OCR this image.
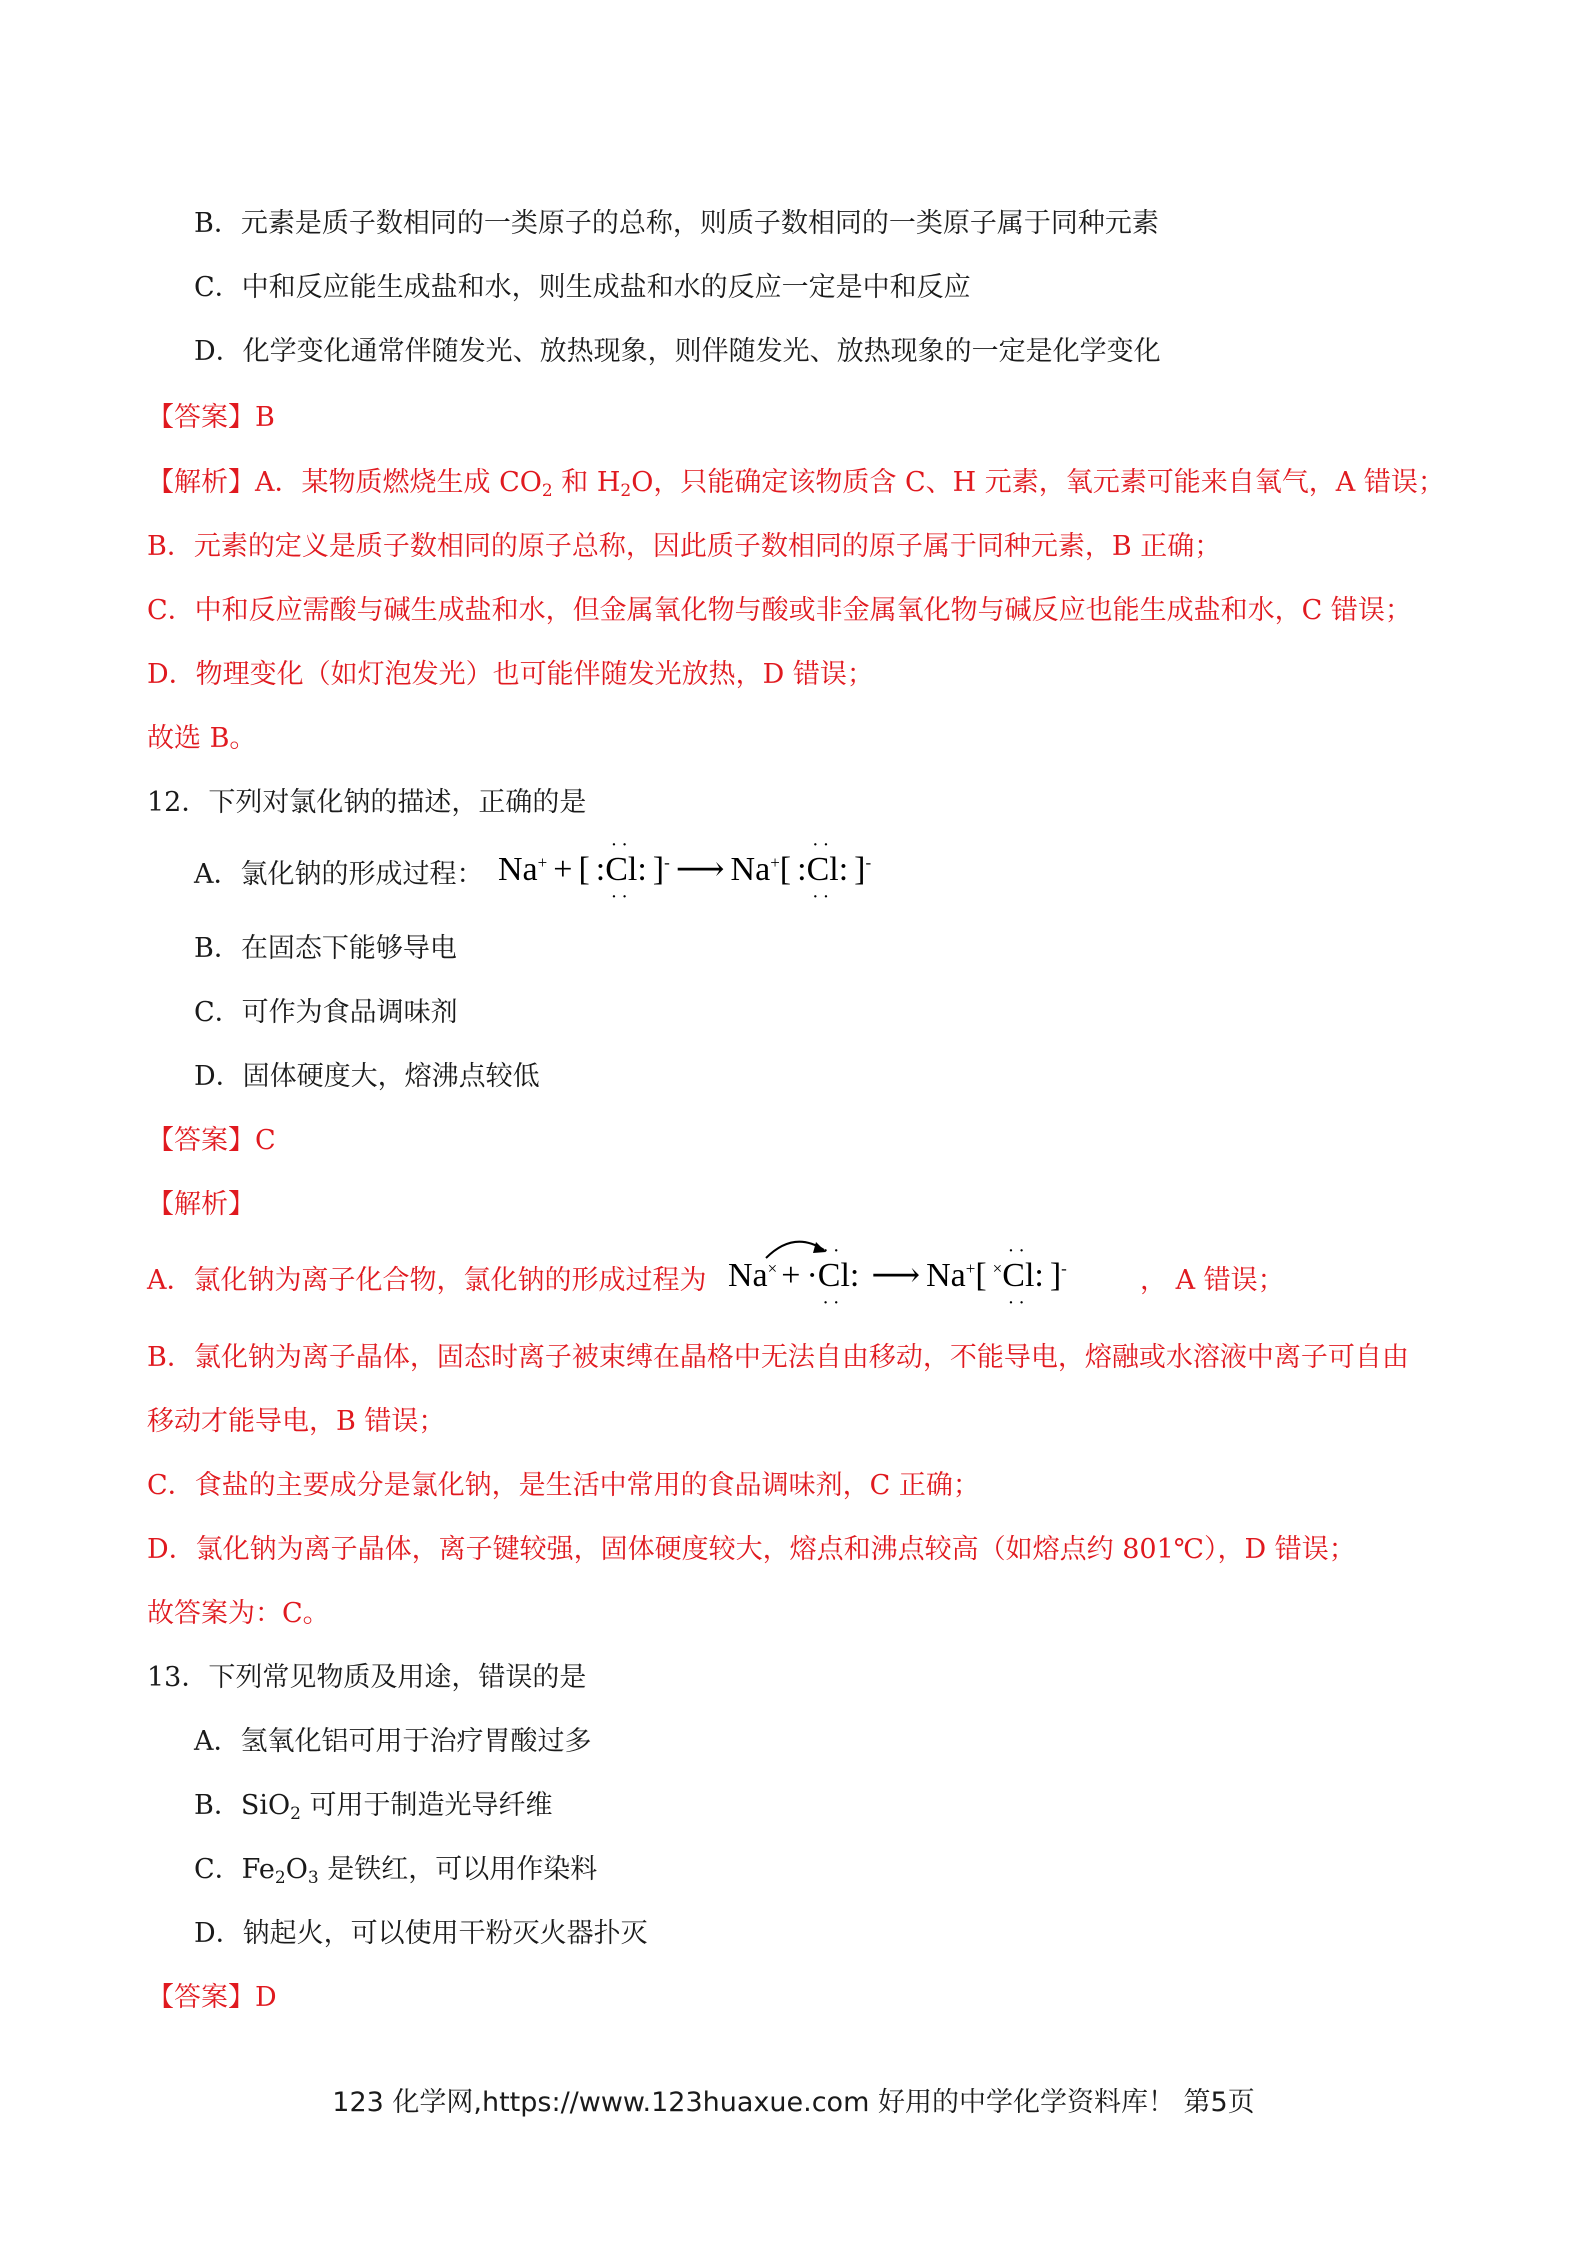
B．元素是质子数相同的一类原子的总称，则质子数相同的一类原子属于同种元素
C．中和反应能生成盐和水，则生成盐和水的反应一定是中和反应
D．化学变化通常伴随发光、放热现象，则伴随发光、放热现象的一定是化学变化
【答案】B
【解析】A．某物质燃烧生成 $CO_2$ 和 $H_2O$，只能确定该物质含 C、H 元素，氧元素可能来自氧气，A 错误；
B．元素的定义是质子数相同的原子总称，因此质子数相同的原子属于同种元素，B 正确；
C．中和反应需酸与碱生成盐和水，但金属氧化物与酸或非金属氧化物与碱反应也能生成盐和水，C 错误；
D．物理变化（如灯泡发光）也可能伴随发光放热，D 错误；
故选 B。
12．下列对氯化钠的描述，正确的是
A．氯化钠的形成过程： Na+ + [
··
:Cl:
··
]- ⟶ Na+[
··
:Cl:
··
]-
B．在固态下能够导电
C．可作为食品调味剂
D．固体硬度大，熔沸点较低
【答案】C
【解析】
A．氯化钠为离子化合物，氯化钠的形成过程为 Na× +
··
·Cl:
··
⟶ Na+[
··
×Cl:
··
]-	， A 错误；
B．氯化钠为离子晶体，固态时离子被束缚在晶格中无法自由移动，不能导电，熔融或水溶液中离子可自由
移动才能导电，B 错误；
C．食盐的主要成分是氯化钠，是生活中常用的食品调味剂，C 正确；
D．氯化钠为离子晶体，离子键较强，固体硬度较大，熔点和沸点较高（如熔点约 801℃），D 错误；
故答案为：C。
13．下列常见物质及用途，错误的是
A．氢氧化铝可用于治疗胃酸过多
B．SiO$_2$ 可用于制造光导纤维
C．$Fe_2O_3$ 是铁红，可以用作染料
D．钠起火，可以使用干粉灭火器扑灭
【答案】D
123 化学网,https://www.123huaxue.com 好用的中学化学资料库！ 第5页
